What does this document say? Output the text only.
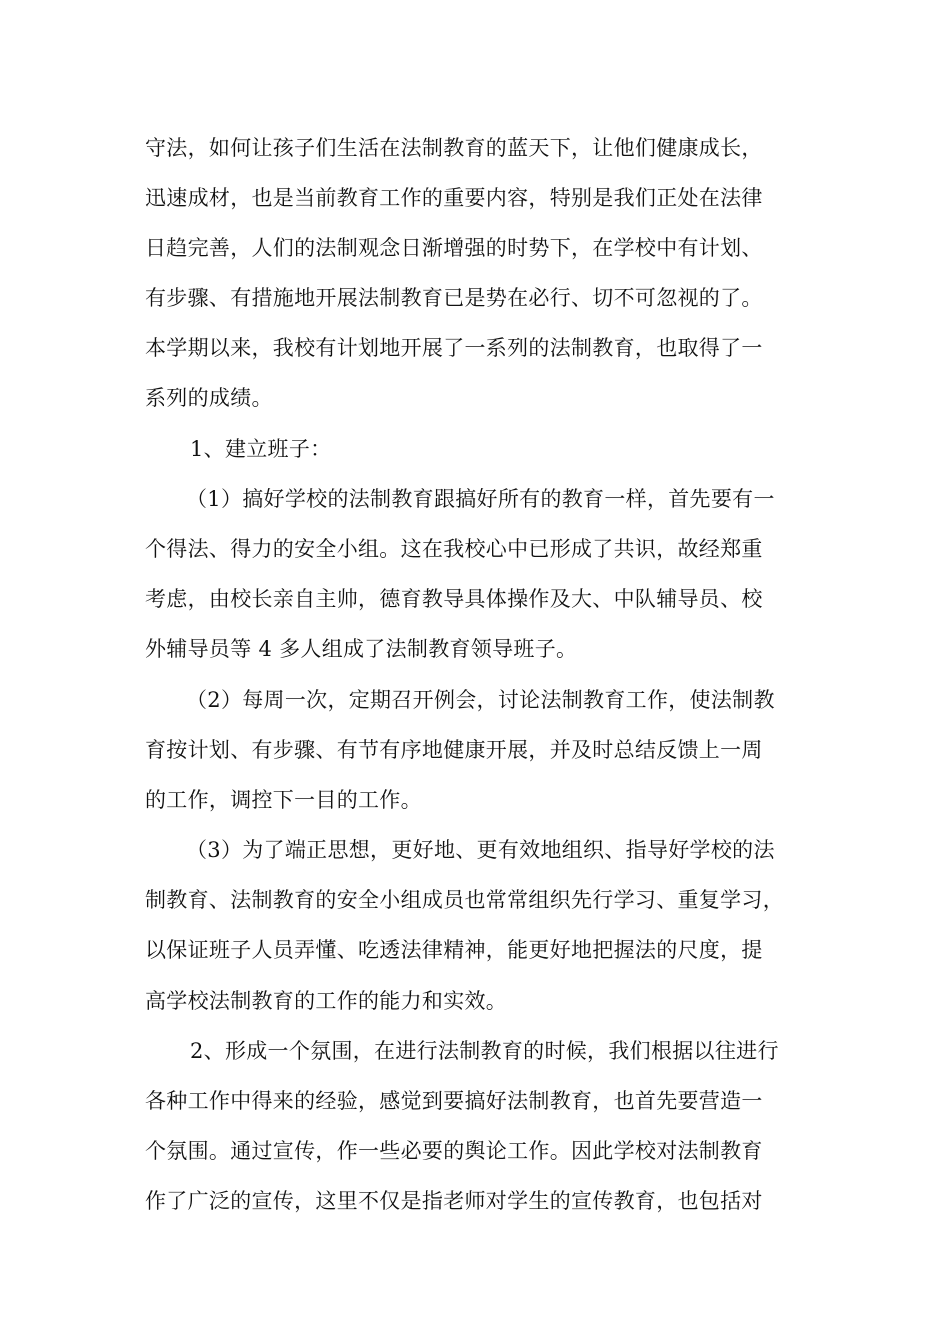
守法，如何让孩子们生活在法制教育的蓝天下，让他们健康成长，
迅速成材，也是当前教育工作的重要内容，特别是我们正处在法律
日趋完善，人们的法制观念日渐增强的时势下，在学校中有计划、
有步骤、有措施地开展法制教育已是势在必行、切不可忽视的了。
本学期以来，我校有计划地开展了一系列的法制教育，也取得了一
系列的成绩。
1、建立班子：
（1）搞好学校的法制教育跟搞好所有的教育一样，首先要有一
个得法、得力的安全小组。这在我校心中已形成了共识，故经郑重
考虑，由校长亲自主帅，德育教导具体操作及大、中队辅导员、校
外辅导员等 4 多人组成了法制教育领导班子。
（2）每周一次，定期召开例会，讨论法制教育工作，使法制教
育按计划、有步骤、有节有序地健康开展，并及时总结反馈上一周
的工作，调控下一目的工作。
（3）为了端正思想，更好地、更有效地组织、指导好学校的法
制教育、法制教育的安全小组成员也常常组织先行学习、重复学习，
以保证班子人员弄懂、吃透法律精神，能更好地把握法的尺度，提
高学校法制教育的工作的能力和实效。
2、形成一个氛围，在进行法制教育的时候，我们根据以往进行
各种工作中得来的经验，感觉到要搞好法制教育，也首先要营造一
个氛围。通过宣传，作一些必要的舆论工作。因此学校对法制教育
作了广泛的宣传，这里不仅是指老师对学生的宣传教育，也包括对
